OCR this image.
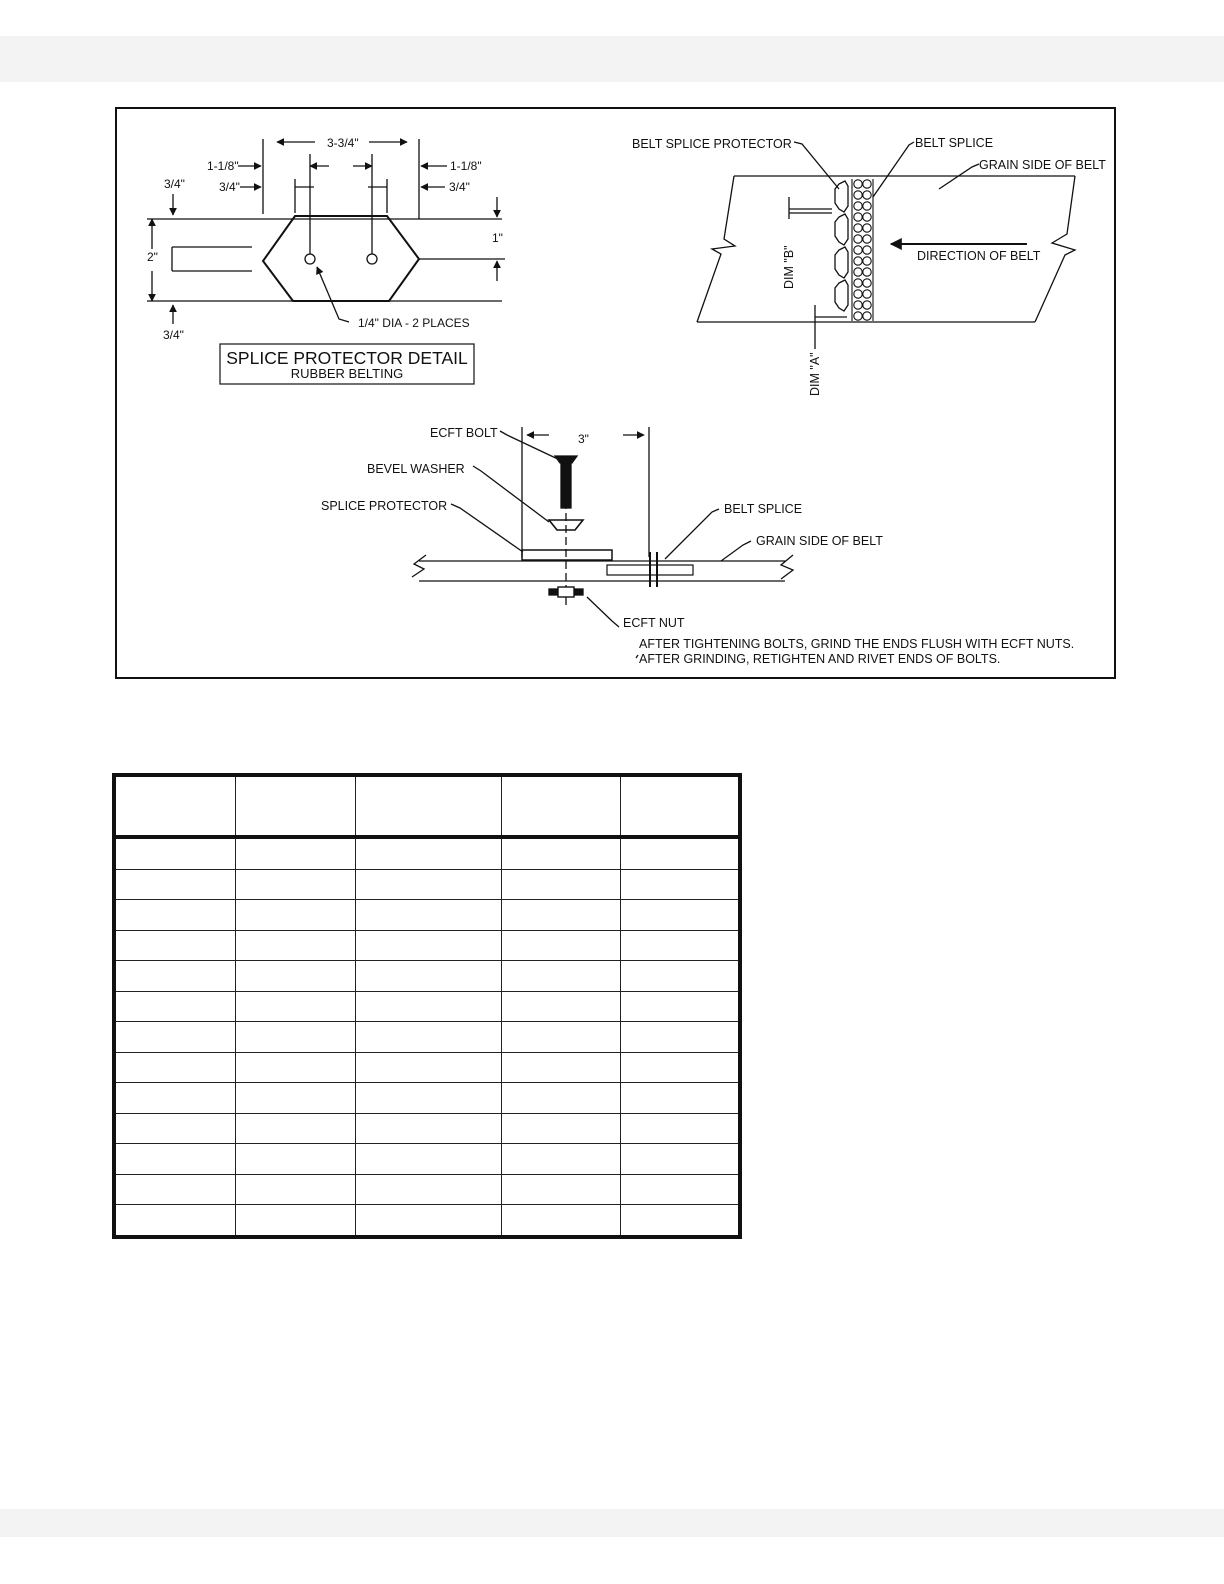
3-3/4"
1-1/8"	1-1/8"
3/4"	3/4"
3/4"
3/4"
2"
1"
1/4" DIA - 2 PLACES
SPLICE PROTECTOR DETAIL
RUBBER BELTING
BELT SPLICE PROTECTOR	BELT SPLICE
GRAIN SIDE OF BELT
DIRECTION OF BELT
DIM "B"
DIM "A"
ECFT BOLT
BEVEL WASHER
SPLICE PROTECTOR	BELT SPLICE
GRAIN SIDE OF BELT
ECFT NUT
3"
AFTER TIGHTENING BOLTS, GRIND THE ENDS FLUSH WITH ECFT NUTS.
AFTER GRINDING, RETIGHTEN AND RIVET ENDS OF BOLTS.
